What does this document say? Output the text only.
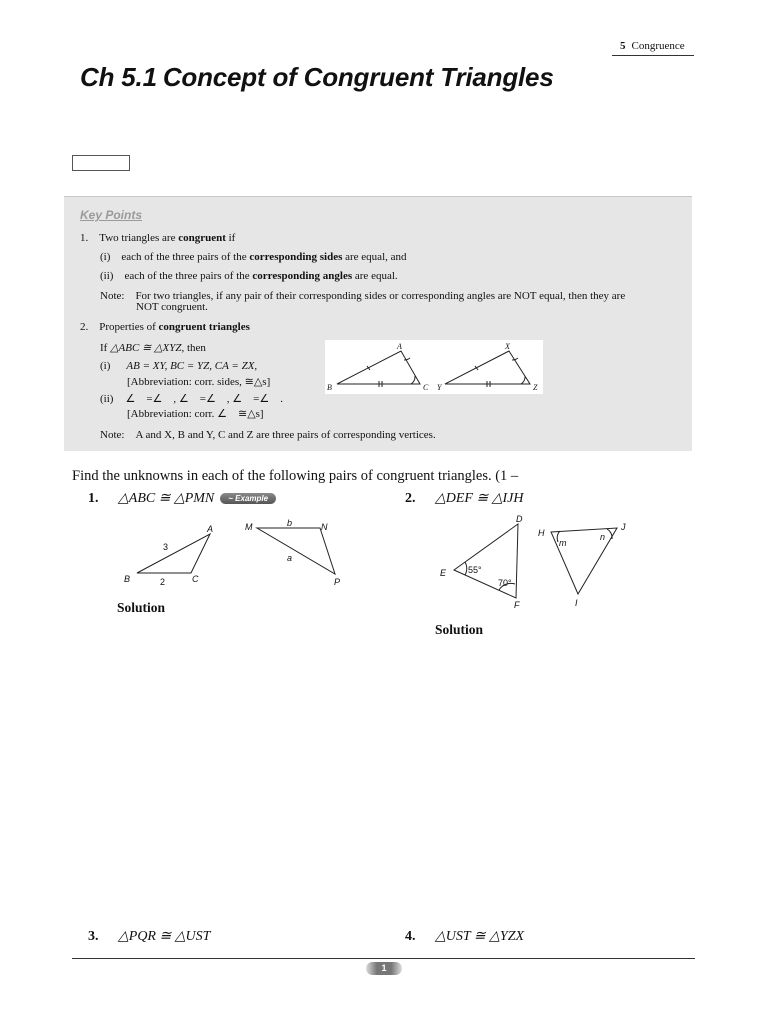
5 Congruence
Ch 5.1 Concept of Congruent Triangles
Key Points
1. Two triangles are congruent if
(i) each of the three pairs of the corresponding sides are equal, and
(ii) each of the three pairs of the corresponding angles are equal.
Note: For two triangles, if any pair of their corresponding sides or corresponding angles are NOT equal, then they are
NOT congruent.
2. Properties of congruent triangles
If △ABC ≅ △XYZ, then
(i) AB = XY, BC = YZ, CA = ZX,
[Abbreviation: corr. sides, ≅△s]
(ii) ∠ =∠ , ∠ =∠ , ∠ =∠ .
[Abbreviation: corr. ∠ ≅△s]
Note: A and X, B and Y, C and Z are three pairs of corresponding vertices.
A
B	C
X
Y	Z
Find the unknowns in each of the following pairs of congruent triangles. (1 –
1. △ABC ≅ △PMN ~ Example	2. △DEF ≅ △IJH
A
B	C
M	N
P
3
2
b
a
Solution
D
E
F
H
J
I
m
n
55°
70°
Solution
3. △PQR ≅ △UST	4. △UST ≅ △YZX
1
